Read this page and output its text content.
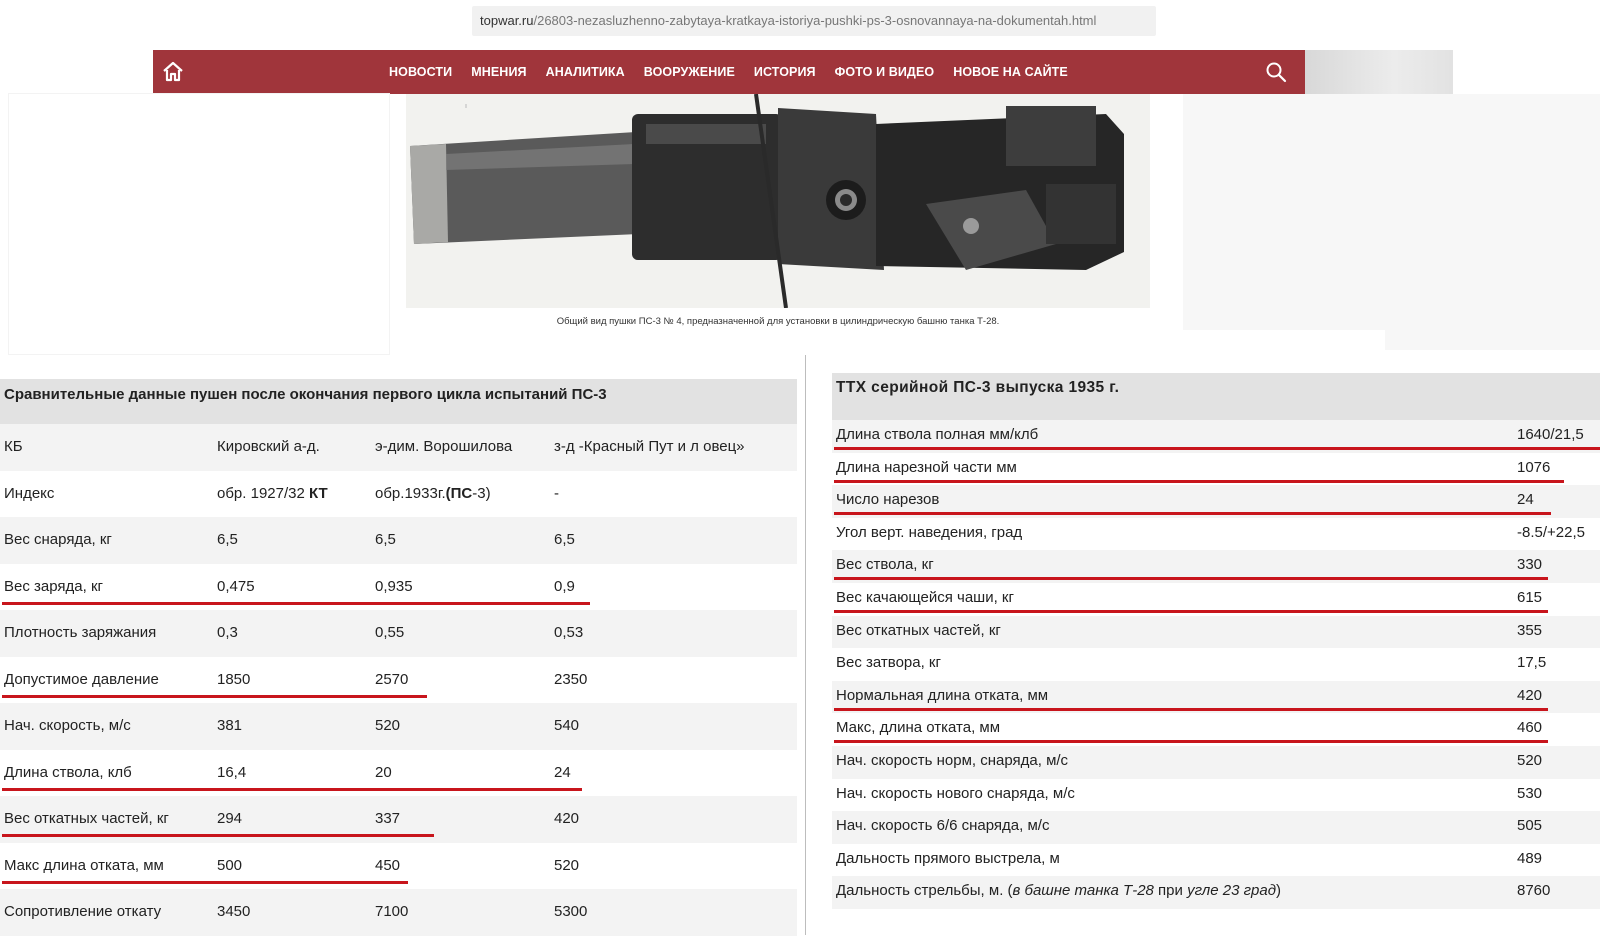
topwar.ru/26803-nezasluzhenno-zabytaya-kratkaya-istoriya-pushki-ps-3-osnovannaya-na-dokumentah.html
НОВОСТИ МНЕНИЯ АНАЛИТИКА ВООРУЖЕНИЕ ИСТОРИЯ ФОТО И ВИДЕО НОВОЕ НА САЙТЕ
Общий вид пушки ПС-3 № 4, предназначенной для установки в цилиндрическую башню танка Т-28.
Сравнительные данные пушен после окончания первого цикла испытаний ПС-3
КБ	Кировский а-д.	э-дим. Ворошилова	з-д -Красный Пут и л овец»
Индекс	обр. 1927/32 КТ	обр.1933г.(ПС-3)	-
Вес снаряда, кг	6,5	6,5	6,5
Вес заряда, кг	0,475	0,935	0,9
Плотность заряжания	0,3	0,55	0,53
Допустимое давление	1850	2570	2350
Нач. скорость, м/с	381	520	540
Длина ствола, клб	16,4	20	24
Вес откатных частей, кг	294	337	420
Макс длина отката, мм	500	450	520
Сопротивление откату	3450	7100	5300
ТТХ серийной ПС-3 выпуска 1935 г.
Длина ствола полная мм/клб	1640/21,5
Длина нарезной части мм	1076
Число нарезов	24
Угол верт. наведения, град	-8.5/+22,5
Вес ствола, кг	330
Вес качающейся чаши, кг	615
Вес откатных частей, кг	355
Вес затвора, кг	17,5
Нормальная длина отката, мм	420
Макс, длина отката, мм	460
Нач. скорость норм, снаряда, м/с	520
Нач. скорость нового снаряда, м/с	530
Нач. скорость 6/6 снаряда, м/с	505
Дальность прямого выстрела, м	489
Дальность стрельбы, м. (в башне танка Т-28 при угле 23 град)	8760
